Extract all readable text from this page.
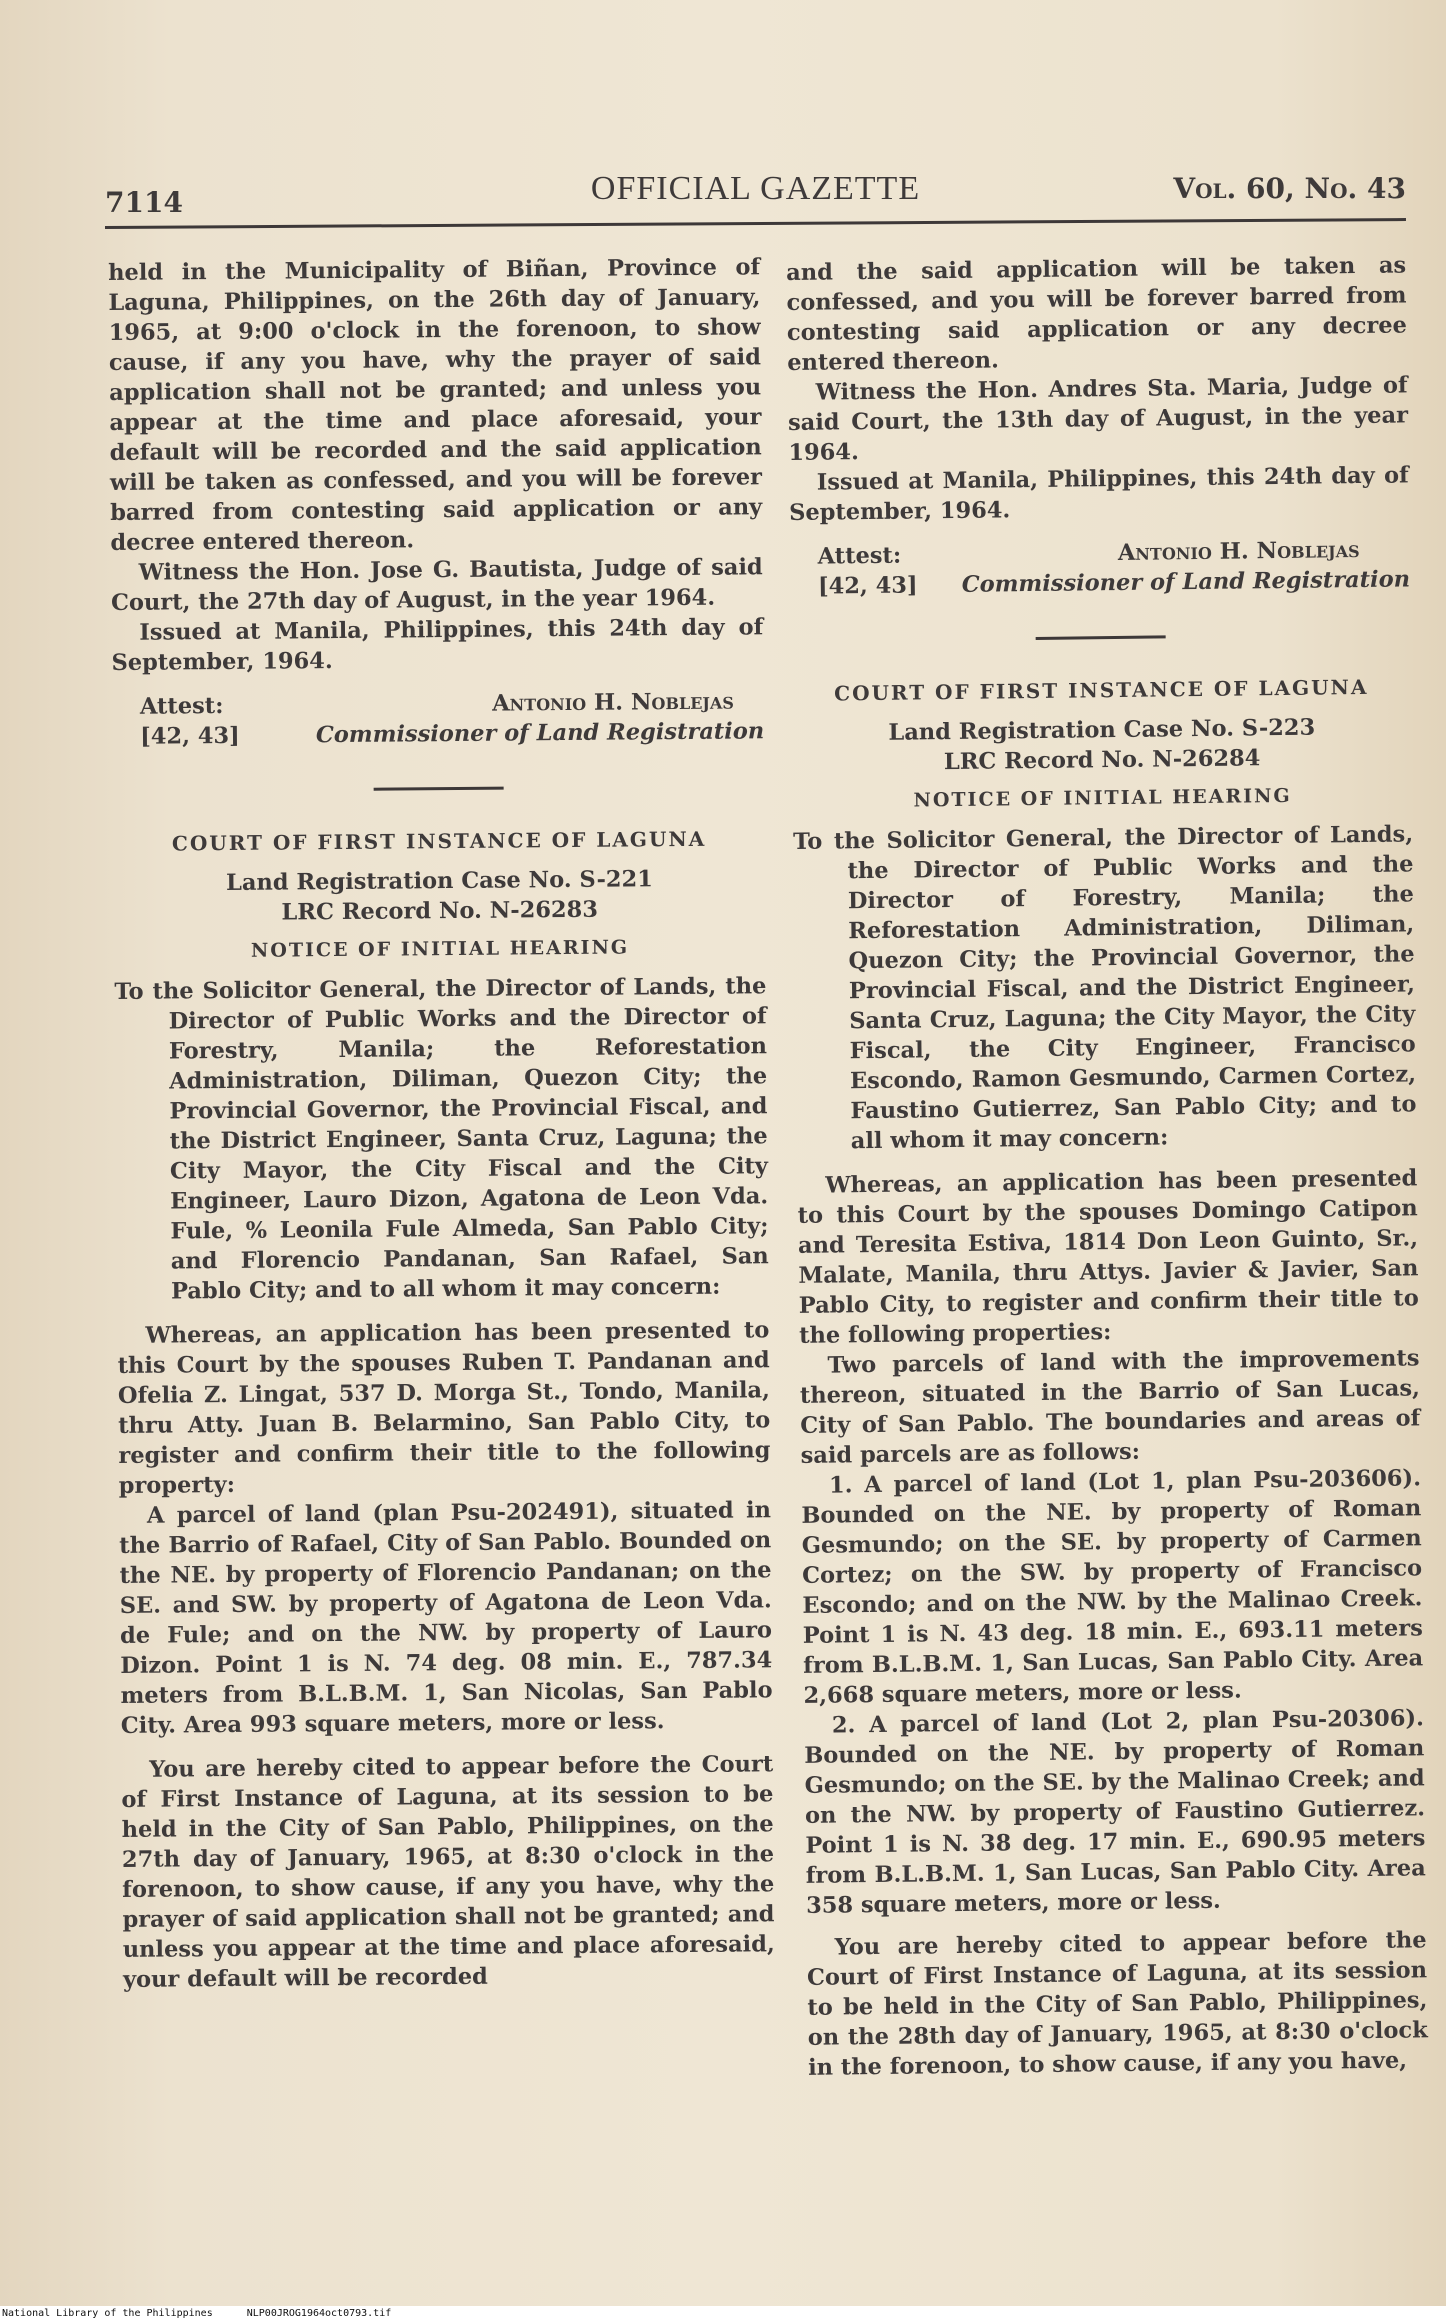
7114	OFFICIAL GAZETTE	Vol. 60, No. 43

held in the Municipality of Biñan, Province of Laguna, Philippines, on the 26th day of January, 1965, at 9:00 o'clock in the forenoon, to show cause, if any you have, why the prayer of said application shall not be granted; and unless you appear at the time and place aforesaid, your default will be recorded and the said application will be taken as confessed, and you will be forever barred from contesting said application or any decree entered thereon.

Witness the Hon. Jose G. Bautista, Judge of said Court, the 27th day of August, in the year 1964.

Issued at Manila, Philippines, this 24th day of September, 1964.

Attest:	Antonio H. Noblejas
[42, 43]	Commissioner of Land Registration

COURT OF FIRST INSTANCE OF LAGUNA

Land Registration Case No. S-221

LRC Record No. N-26283

NOTICE OF INITIAL HEARING

To the Solicitor General, the Director of Lands, the Director of Public Works and the Director of Forestry, Manila; the Reforestation Administration, Diliman, Quezon City; the Provincial Governor, the Provincial Fiscal, and the District Engineer, Santa Cruz, Laguna; the City Mayor, the City Fiscal and the City Engineer, Lauro Dizon, Agatona de Leon Vda. Fule, % Leonila Fule Almeda, San Pablo City; and Florencio Pandanan, San Rafael, San Pablo City; and to all whom it may concern:

Whereas, an application has been presented to this Court by the spouses Ruben T. Pandanan and Ofelia Z. Lingat, 537 D. Morga St., Tondo, Manila, thru Atty. Juan B. Belarmino, San Pablo City, to register and confirm their title to the following property:

A parcel of land (plan Psu-202491), situated in the Barrio of Rafael, City of San Pablo. Bounded on the NE. by property of Florencio Pandanan; on the SE. and SW. by property of Agatona de Leon Vda. de Fule; and on the NW. by property of Lauro Dizon. Point 1 is N. 74 deg. 08 min. E., 787.34 meters from B.L.B.M. 1, San Nicolas, San Pablo City. Area 993 square meters, more or less.

You are hereby cited to appear before the Court of First Instance of Laguna, at its session to be held in the City of San Pablo, Philippines, on the 27th day of January, 1965, at 8:30 o'clock in the forenoon, to show cause, if any you have, why the prayer of said application shall not be granted; and unless you appear at the time and place aforesaid, your default will be recorded

and the said application will be taken as confessed, and you will be forever barred from contesting said application or any decree entered thereon.

Witness the Hon. Andres Sta. Maria, Judge of said Court, the 13th day of August, in the year 1964.

Issued at Manila, Philippines, this 24th day of September, 1964.

Attest:	Antonio H. Noblejas
[42, 43] Commissioner of Land Registration

COURT OF FIRST INSTANCE OF LAGUNA

Land Registration Case No. S-223

LRC Record No. N-26284

NOTICE OF INITIAL HEARING

To the Solicitor General, the Director of Lands, the Director of Public Works and the Director of Forestry, Manila; the Reforestation Administration, Diliman, Quezon City; the Provincial Governor, the Provincial Fiscal, and the District Engineer, Santa Cruz, Laguna; the City Mayor, the City Fiscal, the City Engineer, Francisco Escondo, Ramon Gesmundo, Carmen Cortez, Faustino Gutierrez, San Pablo City; and to all whom it may concern:

Whereas, an application has been presented to this Court by the spouses Domingo Catipon and Teresita Estiva, 1814 Don Leon Guinto, Sr., Malate, Manila, thru Attys. Javier & Javier, San Pablo City, to register and confirm their title to the following properties:

Two parcels of land with the improvements thereon, situated in the Barrio of San Lucas, City of San Pablo. The boundaries and areas of said parcels are as follows:

1. A parcel of land (Lot 1, plan Psu-203606). Bounded on the NE. by property of Roman Gesmundo; on the SE. by property of Carmen Cortez; on the SW. by property of Francisco Escondo; and on the NW. by the Malinao Creek. Point 1 is N. 43 deg. 18 min. E., 693.11 meters from B.L.B.M. 1, San Lucas, San Pablo City. Area 2,668 square meters, more or less.

2. A parcel of land (Lot 2, plan Psu-20306). Bounded on the NE. by property of Roman Gesmundo; on the SE. by the Malinao Creek; and on the NW. by property of Faustino Gutierrez. Point 1 is N. 38 deg. 17 min. E., 690.95 meters from B.L.B.M. 1, San Lucas, San Pablo City. Area 358 square meters, more or less.

You are hereby cited to appear before the Court of First Instance of Laguna, at its session to be held in the City of San Pablo, Philippines, on the 28th day of January, 1965, at 8:30 o'clock in the forenoon, to show cause, if any you have,

National Library of the Philippines	NLP00JROG1964oct0793.tif
